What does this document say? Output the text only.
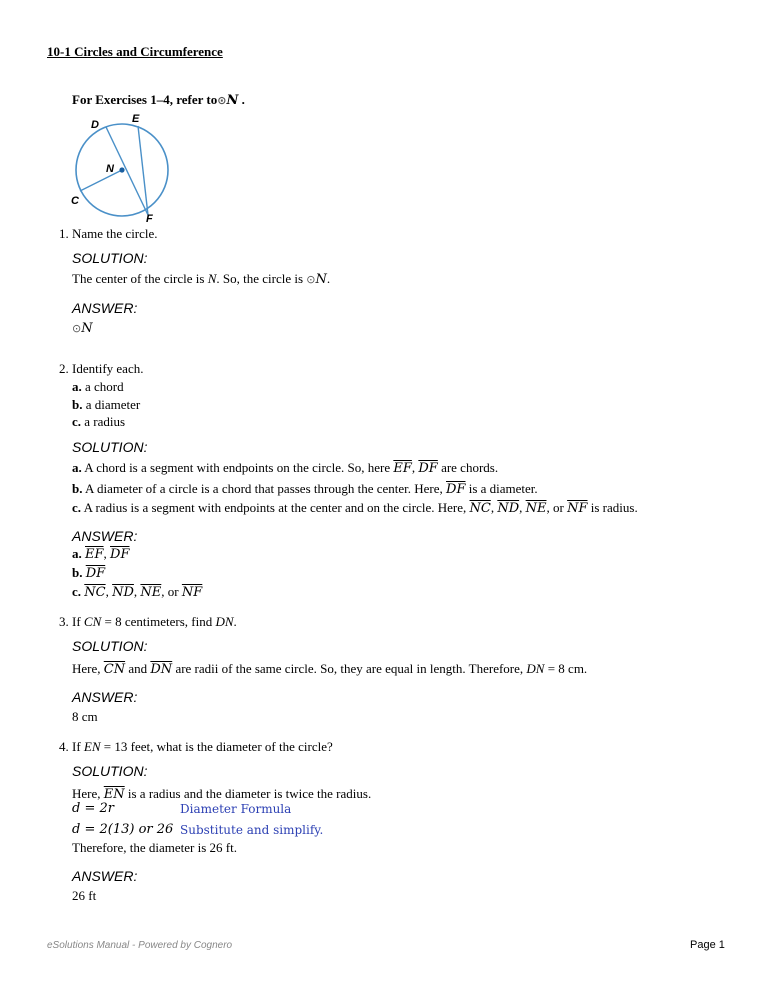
10-1 Circles and Circumference
For Exercises 1–4, refer to⊙N .
D	E
N
C
F
1. Name the circle.
SOLUTION:
The center of the circle is N. So, the circle is ⊙N.
ANSWER:
⊙N
2. Identify each.
a. a chord
b. a diameter
c. a radius
SOLUTION:
a. A chord is a segment with endpoints on the circle. So, here $\overline{EF}$, $\overline{DF}$ are chords.
b. A diameter of a circle is a chord that passes through the center. Here, $\overline{DF}$ is a diameter.
c. A radius is a segment with endpoints at the center and on the circle. Here, $\overline{NC}$, $\overline{ND}$, $\overline{NE}$, or $\overline{NF}$ is radius.
ANSWER:
a. $\overline{EF}$, $\overline{DF}$
b. $\overline{DF}$
c. $\overline{NC}$, $\overline{ND}$, $\overline{NE}$, or $\overline{NF}$
3. If CN = 8 centimeters, find DN.
SOLUTION:
Here, $\overline{CN}$ and $\overline{DN}$ are radii of the same circle. So, they are equal in length. Therefore, DN = 8 cm.
ANSWER:
8 cm
4. If EN = 13 feet, what is the diameter of the circle?
SOLUTION:
Here, $\overline{EN}$ is a radius and the diameter is twice the radius.
d = 2r	Diameter Formula
d = 2(13) or 26 Substitute and simplify.
Therefore, the diameter is 26 ft.
ANSWER:
26 ft
eSolutions Manual - Powered by Cognero	Page 1
